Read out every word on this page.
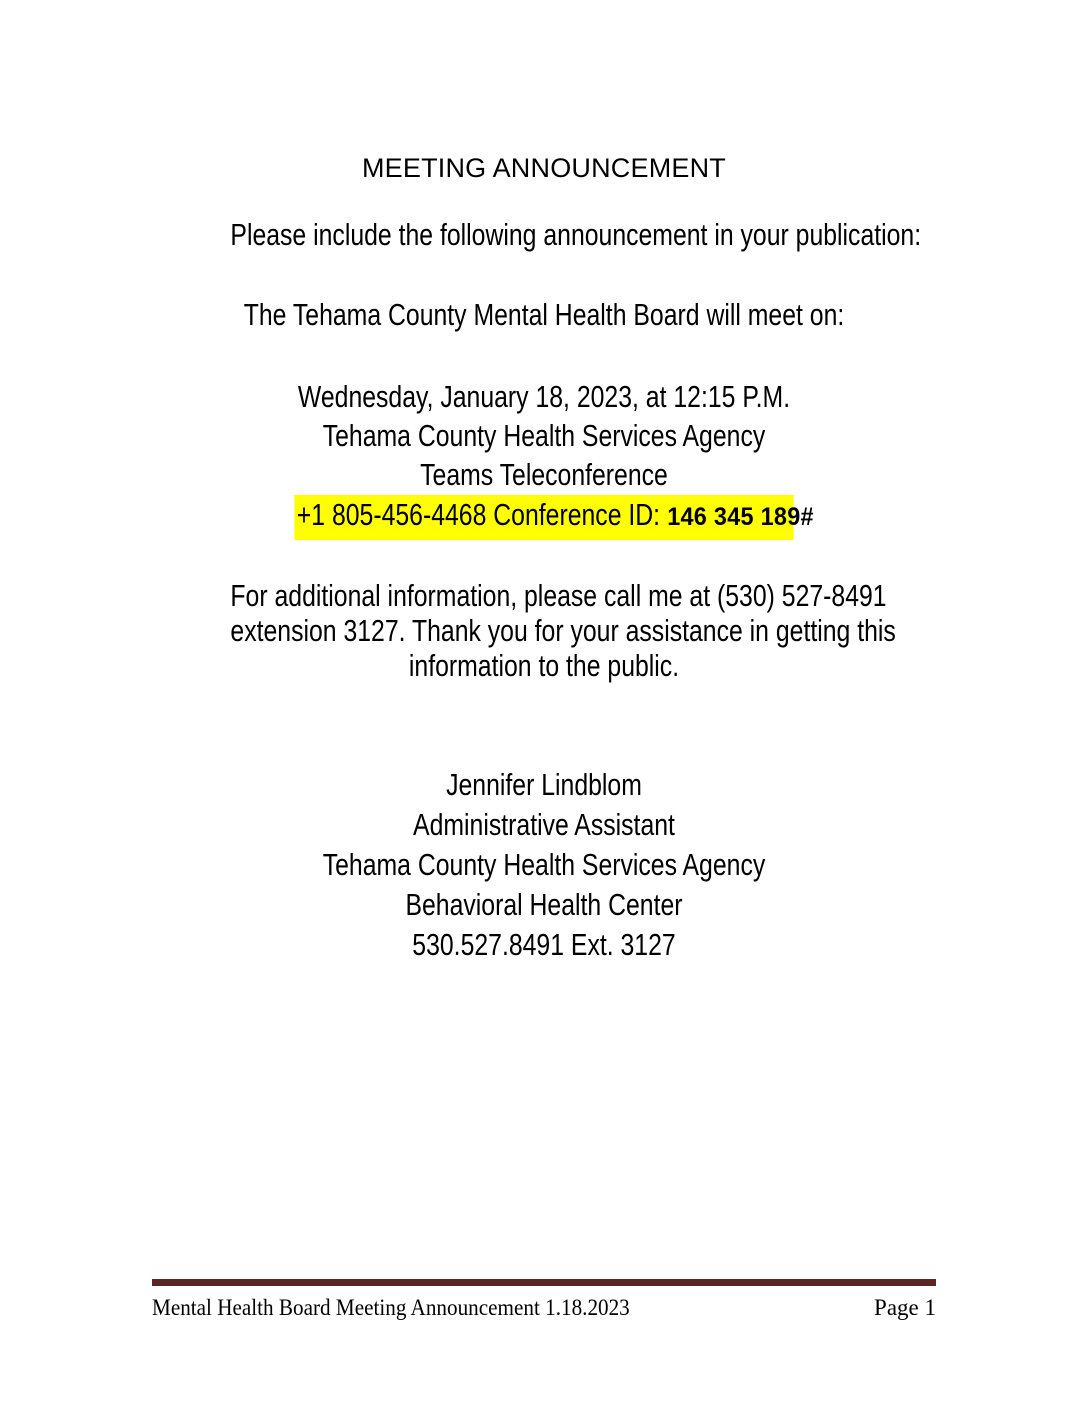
MEETING ANNOUNCEMENT
Please include the following announcement in your publication:
The Tehama County Mental Health Board will meet on:
Wednesday, January 18, 2023, at 12:15 P.M.
Tehama County Health Services Agency
Teams Teleconference
+1 805-456-4468 Conference ID: 146 345 189#
For additional information, please call me at (530) 527-8491
extension 3127. Thank you for your assistance in getting this
information to the public.
Jennifer Lindblom
Administrative Assistant
Tehama County Health Services Agency
Behavioral Health Center
530.527.8491 Ext. 3127
Mental Health Board Meeting Announcement 1.18.2023	Page 1
